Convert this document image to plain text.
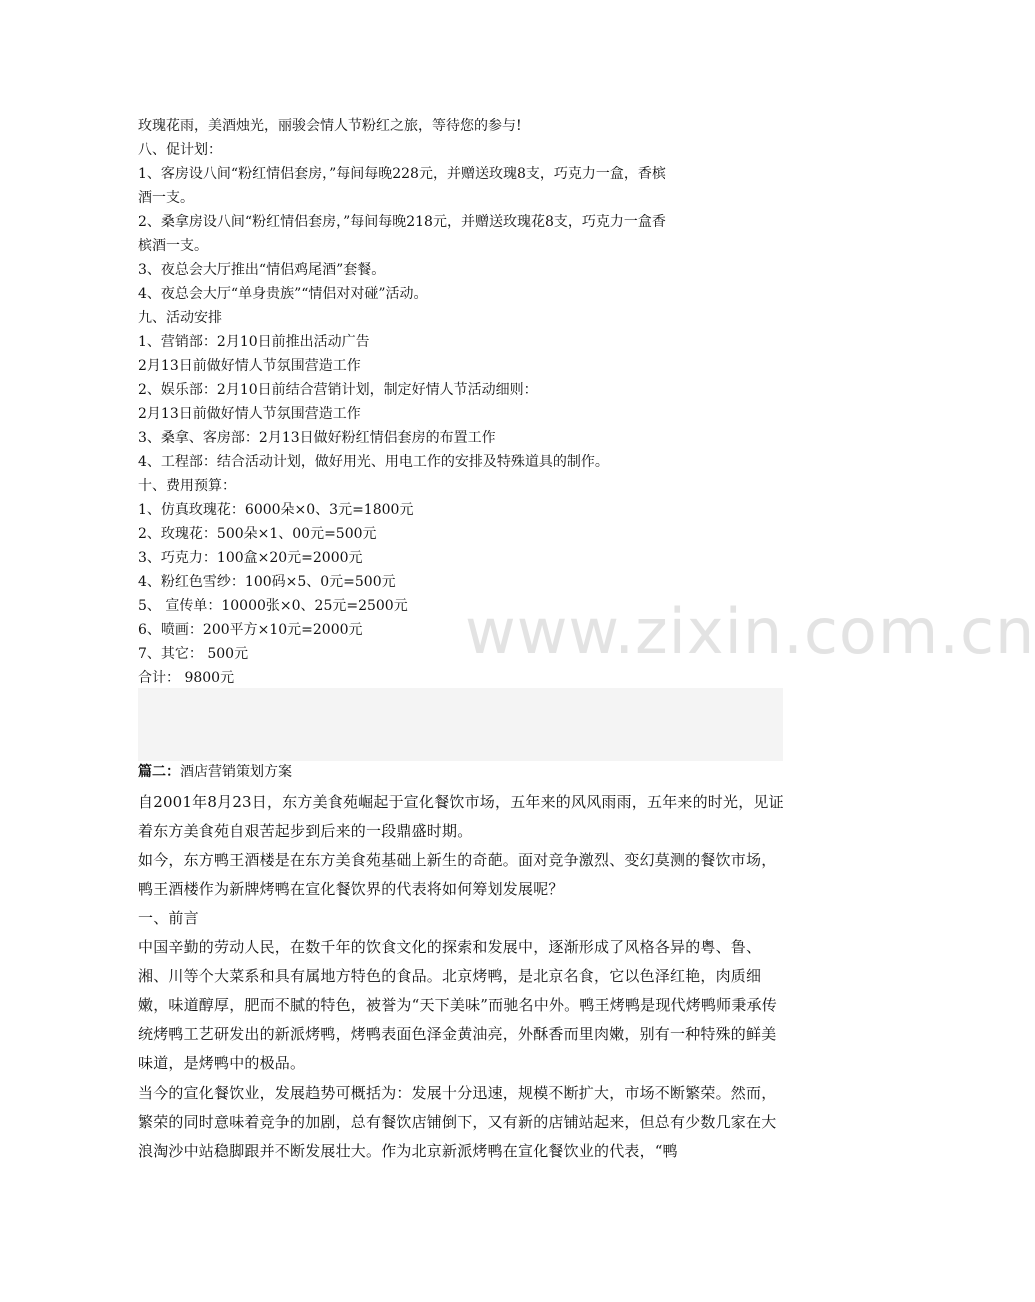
www.zixin.com.cn
玫瑰花雨，美酒烛光，丽骏会情人节粉红之旅，等待您的参与!
八、促计划：
1、客房设八间“粉红情侣套房，”每间每晚228元，并赠送玫瑰8支，巧克力一盒，香槟
酒一支。
2、桑拿房设八间“粉红情侣套房，”每间每晚218元，并赠送玫瑰花8支，巧克力一盒香
槟酒一支。
3、夜总会大厅推出“情侣鸡尾酒”套餐。
4、夜总会大厅“单身贵族”“情侣对对碰”活动。
九、活动安排
1、营销部：2月10日前推出活动广告
2月13日前做好情人节氛围营造工作
2、娱乐部：2月10日前结合营销计划，制定好情人节活动细则：
2月13日前做好情人节氛围营造工作
3、桑拿、客房部：2月13日做好粉红情侣套房的布置工作
4、工程部：结合活动计划，做好用光、用电工作的安排及特殊道具的制作。
十、费用预算：
1、仿真玫瑰花：6000朵×0、3元=1800元
2、玫瑰花：500朵×1、00元=500元
3、巧克力：100盒×20元=2000元
4、粉红色雪纱：100码×5、0元=500元
5、 宣传单：10000张×0、25元=2500元
6、喷画：200平方×10元=2000元
7、其它： 500元
合计： 9800元
篇二：酒店营销策划方案
自2001年8月23日，东方美食苑崛起于宣化餐饮市场，五年来的风风雨雨，五年来的时光，见证着东方美食苑自艰苦起步到后来的一段鼎盛时期。
如今，东方鸭王酒楼是在东方美食苑基础上新生的奇葩。面对竞争激烈、变幻莫测的餐饮市场，鸭王酒楼作为新牌烤鸭在宣化餐饮界的代表将如何筹划发展呢？
一、前言
中国辛勤的劳动人民，在数千年的饮食文化的探索和发展中，逐渐形成了风格各异的粤、鲁、湘、川等个大菜系和具有属地方特色的食品。北京烤鸭，是北京名食，它以色泽红艳，肉质细嫩，味道醇厚，肥而不腻的特色，被誉为“天下美味”而驰名中外。鸭王烤鸭是现代烤鸭师秉承传统烤鸭工艺研发出的新派烤鸭，烤鸭表面色泽金黄油亮，外酥香而里肉嫩，别有一种特殊的鲜美味道，是烤鸭中的极品。
当今的宣化餐饮业，发展趋势可概括为：发展十分迅速，规模不断扩大，市场不断繁荣。然而，繁荣的同时意味着竞争的加剧，总有餐饮店铺倒下，又有新的店铺站起来，但总有少数几家在大浪淘沙中站稳脚跟并不断发展壮大。作为北京新派烤鸭在宣化餐饮业的代表，“鸭
